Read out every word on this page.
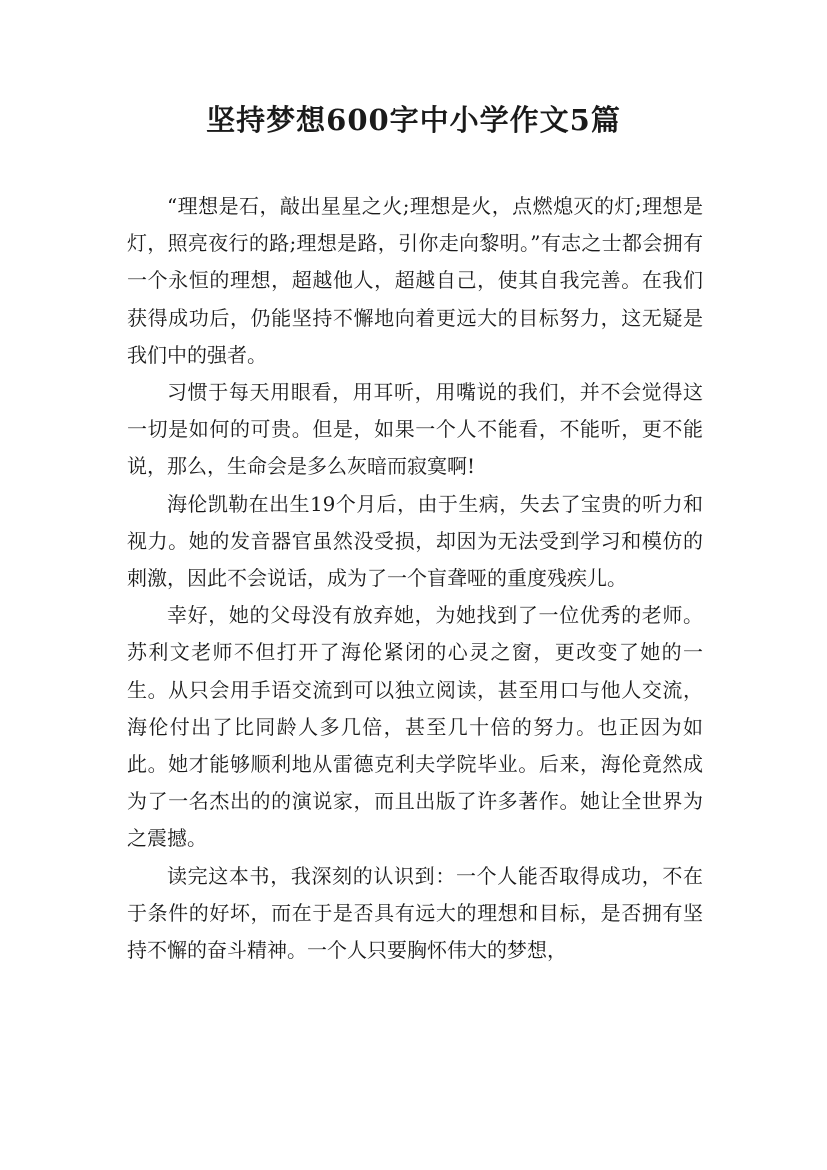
坚持梦想600字中小学作文5篇

“理想是石，敲出星星之火;理想是火，点燃熄灭的灯;理想是灯，照亮夜行的路;理想是路，引你走向黎明。”有志之士都会拥有一个永恒的理想，超越他人，超越自己，使其自我完善。在我们获得成功后，仍能坚持不懈地向着更远大的目标努力，这无疑是我们中的强者。

习惯于每天用眼看，用耳听，用嘴说的我们，并不会觉得这一切是如何的可贵。但是，如果一个人不能看，不能听，更不能说，那么，生命会是多么灰暗而寂寞啊!

海伦凯勒在出生19个月后，由于生病，失去了宝贵的听力和视力。她的发音器官虽然没受损，却因为无法受到学习和模仿的刺激，因此不会说话，成为了一个盲聋哑的重度残疾儿。

幸好，她的父母没有放弃她，为她找到了一位优秀的老师。苏利文老师不但打开了海伦紧闭的心灵之窗，更改变了她的一生。从只会用手语交流到可以独立阅读，甚至用口与他人交流，海伦付出了比同龄人多几倍，甚至几十倍的努力。也正因为如此。她才能够顺利地从雷德克利夫学院毕业。后来，海伦竟然成为了一名杰出的的演说家，而且出版了许多著作。她让全世界为之震撼。

读完这本书，我深刻的认识到：一个人能否取得成功，不在于条件的好坏，而在于是否具有远大的理想和目标，是否拥有坚持不懈的奋斗精神。一个人只要胸怀伟大的梦想，
